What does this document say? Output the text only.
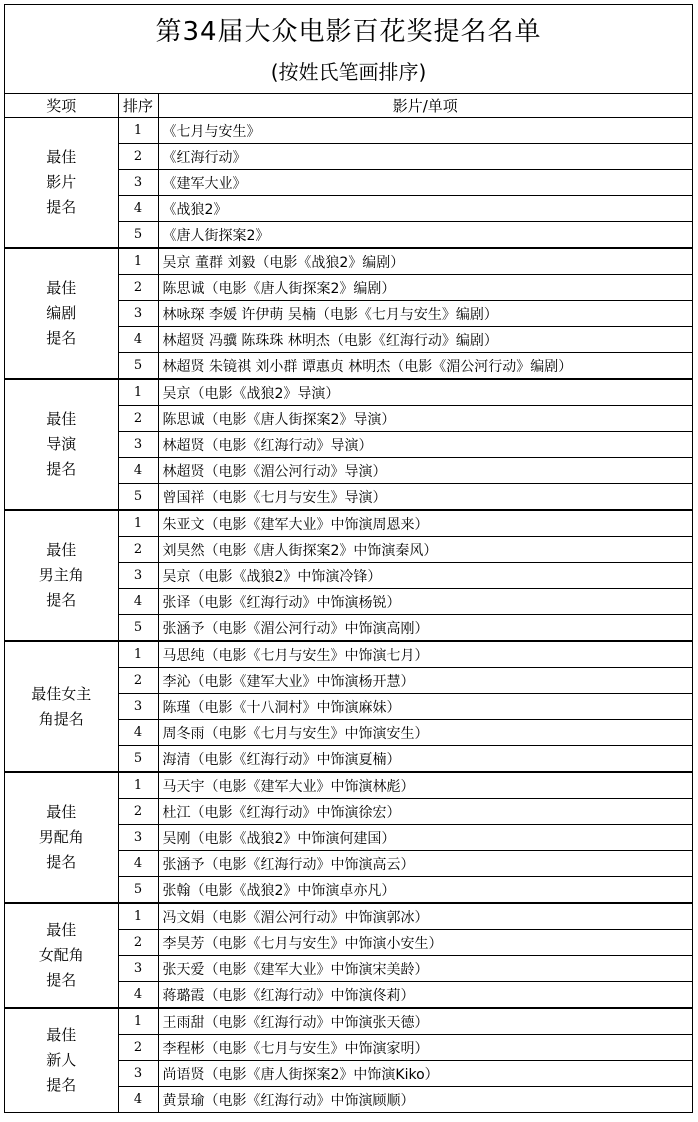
第34届大众电影百花奖提名名单
(按姓氏笔画排序)
奖项	排序	影片/单项

最佳
影片
提名	1	《七月与安生》
	2	《红海行动》
	3	《建军大业》
	4	《战狼2》
	5	《唐人街探案2》

最佳
编剧
提名	1	吴京 董群 刘毅（电影《战狼2》编剧）
	2	陈思诚（电影《唐人街探案2》编剧）
	3	林咏琛 李媛 许伊萌 吴楠（电影《七月与安生》编剧）
	4	林超贤 冯骥 陈珠珠 林明杰（电影《红海行动》编剧）
	5	林超贤 朱镜祺 刘小群 谭惠贞 林明杰（电影《湄公河行动》编剧）

最佳
导演
提名	1	吴京（电影《战狼2》导演）
	2	陈思诚（电影《唐人街探案2》导演）
	3	林超贤（电影《红海行动》导演）
	4	林超贤（电影《湄公河行动》导演）
	5	曾国祥（电影《七月与安生》导演）

最佳
男主角
提名	1	朱亚文（电影《建军大业》中饰演周恩来）
	2	刘昊然（电影《唐人街探案2》中饰演秦风）
	3	吴京（电影《战狼2》中饰演冷锋）
	4	张译（电影《红海行动》中饰演杨锐）
	5	张涵予（电影《湄公河行动》中饰演高刚）

最佳女主
角提名	1	马思纯（电影《七月与安生》中饰演七月）
	2	李沁（电影《建军大业》中饰演杨开慧）
	3	陈瑾（电影《十八洞村》中饰演麻妹）
	4	周冬雨（电影《七月与安生》中饰演安生）
	5	海清（电影《红海行动》中饰演夏楠）

最佳
男配角
提名	1	马天宇（电影《建军大业》中饰演林彪）
	2	杜江（电影《红海行动》中饰演徐宏）
	3	吴刚（电影《战狼2》中饰演何建国）
	4	张涵予（电影《红海行动》中饰演高云）
	5	张翰（电影《战狼2》中饰演卓亦凡）

最佳
女配角
提名	1	冯文娟（电影《湄公河行动》中饰演郭冰）
	2	李昊芳（电影《七月与安生》中饰演小安生）
	3	张天爱（电影《建军大业》中饰演宋美龄）
	4	蒋璐霞（电影《红海行动》中饰演佟莉）

最佳
新人
提名	1	王雨甜（电影《红海行动》中饰演张天德）
	2	李程彬（电影《七月与安生》中饰演家明）
	3	尚语贤（电影《唐人街探案2》中饰演Kiko）
	4	黄景瑜（电影《红海行动》中饰演顾顺）
